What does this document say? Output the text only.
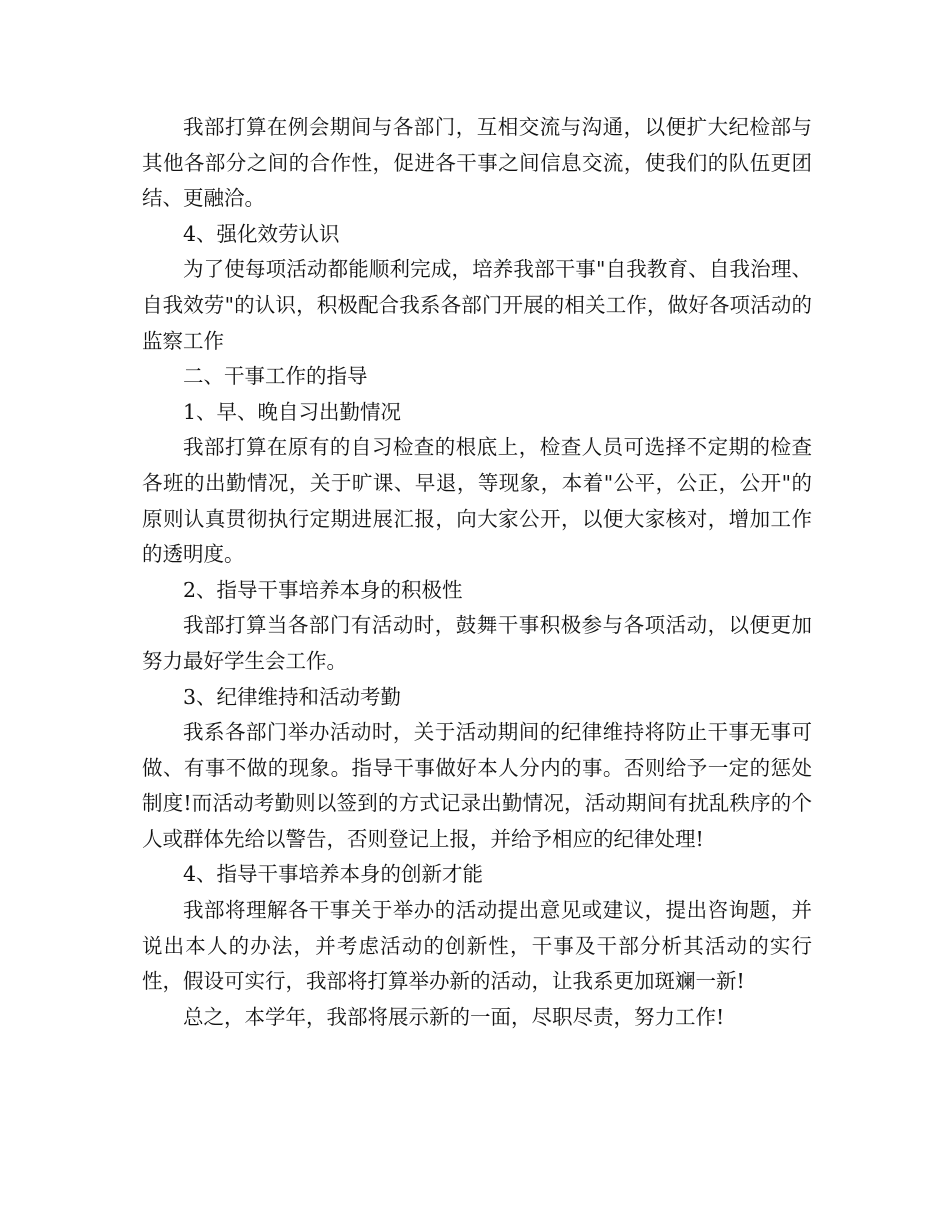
我部打算在例会期间与各部门，互相交流与沟通，以便扩大纪检部与其他各部分之间的合作性，促进各干事之间信息交流，使我们的队伍更团结、更融洽。

4、强化效劳认识

为了使每项活动都能顺利完成，培养我部干事"自我教育、自我治理、自我效劳"的认识，积极配合我系各部门开展的相关工作，做好各项活动的监察工作

二、干事工作的指导

1、早、晚自习出勤情况

我部打算在原有的自习检查的根底上，检查人员可选择不定期的检查各班的出勤情况，关于旷课、早退，等现象，本着"公平，公正，公开"的原则认真贯彻执行定期进展汇报，向大家公开，以便大家核对，增加工作的透明度。

2、指导干事培养本身的积极性

我部打算当各部门有活动时，鼓舞干事积极参与各项活动，以便更加努力最好学生会工作。

3、纪律维持和活动考勤

我系各部门举办活动时，关于活动期间的纪律维持将防止干事无事可做、有事不做的现象。指导干事做好本人分内的事。否则给予一定的惩处制度!而活动考勤则以签到的方式记录出勤情况，活动期间有扰乱秩序的个人或群体先给以警告，否则登记上报，并给予相应的纪律处理!

4、指导干事培养本身的创新才能

我部将理解各干事关于举办的活动提出意见或建议，提出咨询题，并说出本人的办法，并考虑活动的创新性，干事及干部分析其活动的实行性，假设可实行，我部将打算举办新的活动，让我系更加斑斓一新!

总之，本学年，我部将展示新的一面，尽职尽责，努力工作!
